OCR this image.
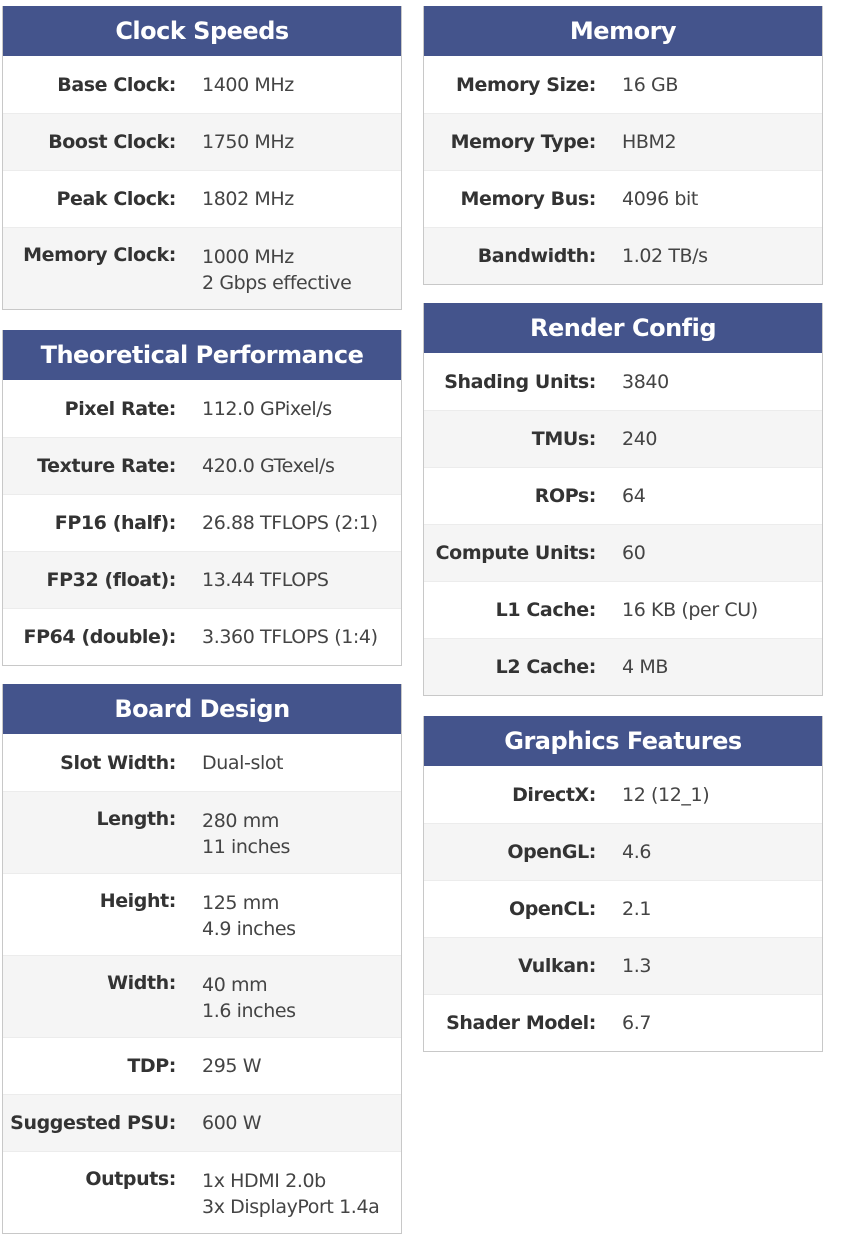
Clock Speeds
Base Clock: 1400 MHz
Boost Clock: 1750 MHz
Peak Clock: 1802 MHz
Memory Clock: 1000 MHz
2 Gbps effective
Theoretical Performance
Pixel Rate: 112.0 GPixel/s
Texture Rate: 420.0 GTexel/s
FP16 (half): 26.88 TFLOPS (2:1)
FP32 (float): 13.44 TFLOPS
FP64 (double): 3.360 TFLOPS (1:4)
Board Design
Slot Width: Dual-slot
Length: 280 mm
11 inches
Height: 125 mm
4.9 inches
Width: 40 mm
1.6 inches
TDP: 295 W
Suggested PSU: 600 W
Outputs: 1x HDMI 2.0b
3x DisplayPort 1.4a
Memory
Memory Size: 16 GB
Memory Type: HBM2
Memory Bus: 4096 bit
Bandwidth: 1.02 TB/s
Render Config
Shading Units: 3840
TMUs: 240
ROPs: 64
Compute Units: 60
L1 Cache: 16 KB (per CU)
L2 Cache: 4 MB
Graphics Features
DirectX: 12 (12_1)
OpenGL: 4.6
OpenCL: 2.1
Vulkan: 1.3
Shader Model: 6.7
